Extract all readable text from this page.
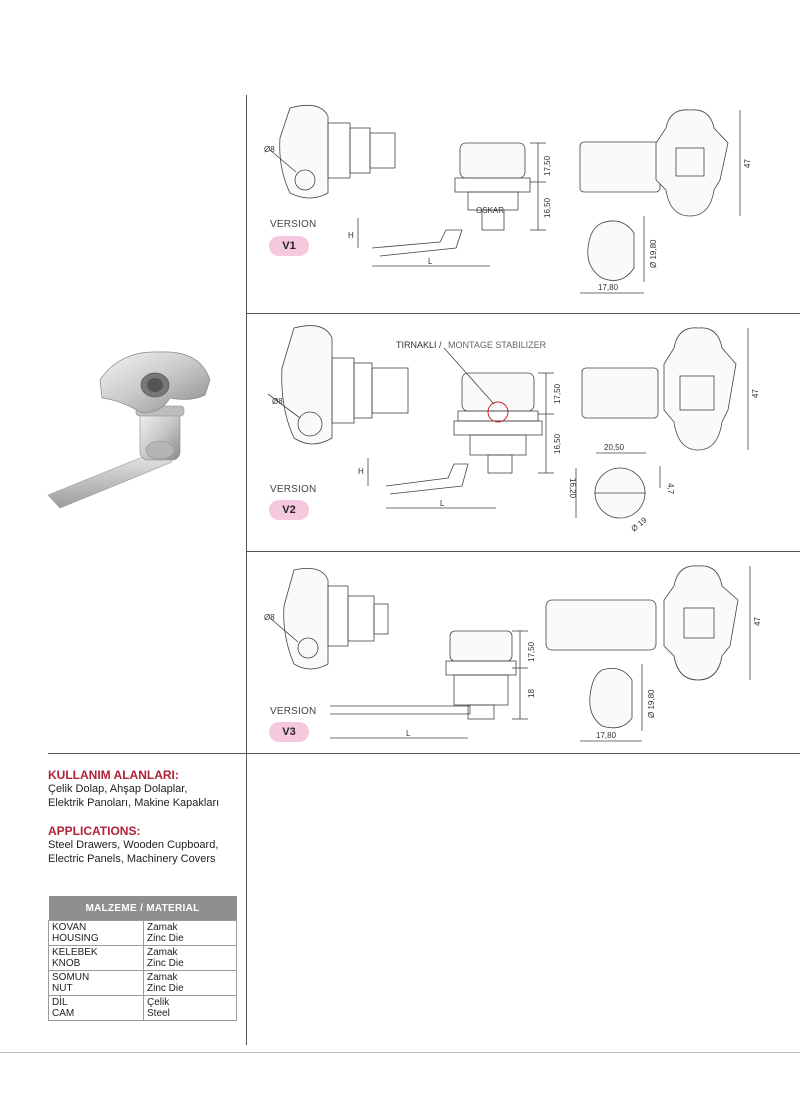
Ø8
OSKAR
H
L
17,50
16,50
47
Ø 19,80
17,80
TIRNAKLI / MONTAGE STABILIZER
Ø8
H
L
17,50
16,50
47
20,50
4,7
16,20
Ø 19
Ø8
L
17,50
18
47
Ø 19,80
17,80
VERSION
V1
VERSION
V2
VERSION
V3
KULLANIM ALANLARI:
Çelik Dolap, Ahşap Dolaplar,
Elektrik Panoları, Makine Kapakları
APPLICATIONS:
Steel Drawers, Wooden Cupboard,
Electric Panels, Machinery Covers
MALZEME / MATERIAL	

KOVAN
HOUSING	Zamak
Zinc Die

KELEBEK
KNOB	Zamak
Zinc Die

SOMUN
NUT	Zamak
Zinc Die

DİL
CAM	Çelik
Steel
